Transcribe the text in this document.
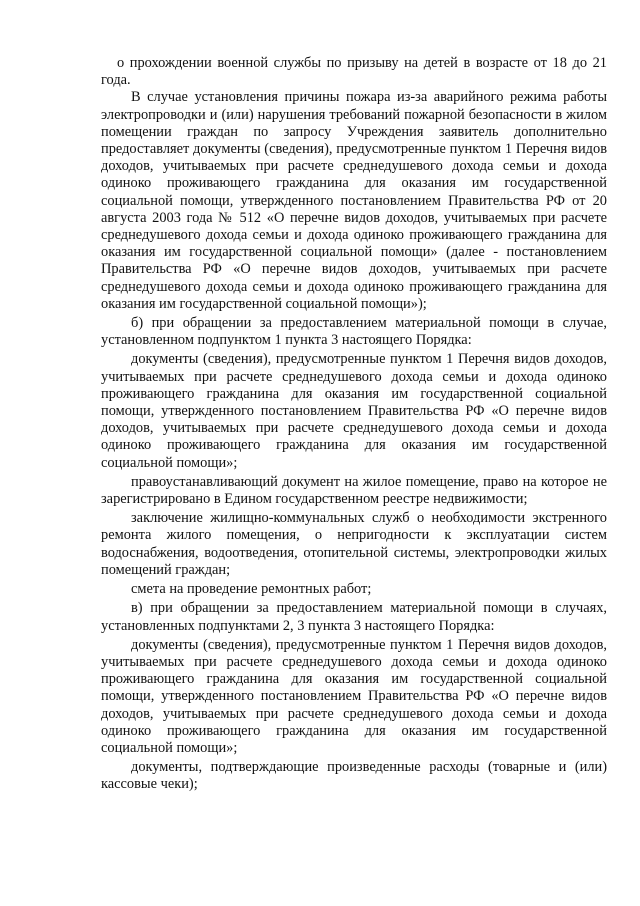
о прохождении военной службы по призыву на детей в возрасте от 18 до 21 года.

В случае установления причины пожара из-за аварийного режима работы электропроводки и (или) нарушения требований пожарной безопасности в жилом помещении граждан по запросу Учреждения заявитель дополнительно предоставляет документы (сведения), предусмотренные пунктом 1 Перечня видов доходов, учитываемых при расчете среднедушевого дохода семьи и дохода одиноко проживающего гражданина для оказания им государственной социальной помощи, утвержденного постановлением Правительства РФ от 20 августа 2003 года № 512 «О перечне видов доходов, учитываемых при расчете среднедушевого дохода семьи и дохода одиноко проживающего гражданина для оказания им государственной социальной помощи» (далее - постановлением Правительства РФ «О перечне видов доходов, учитываемых при расчете среднедушевого дохода семьи и дохода одиноко проживающего гражданина для оказания им государственной социальной помощи»);

б) при обращении за предоставлением материальной помощи в случае, установленном подпунктом 1 пункта 3 настоящего Порядка:

документы (сведения), предусмотренные пунктом 1 Перечня видов доходов, учитываемых при расчете среднедушевого дохода семьи и дохода одиноко проживающего гражданина для оказания им государственной социальной помощи, утвержденного постановлением Правительства РФ «О перечне видов доходов, учитываемых при расчете среднедушевого дохода семьи и дохода одиноко проживающего гражданина для оказания им государственной социальной помощи»;

правоустанавливающий документ на жилое помещение, право на которое не зарегистрировано в Едином государственном реестре недвижимости;

заключение жилищно-коммунальных служб о необходимости экстренного ремонта жилого помещения, о непригодности к эксплуатации систем водоснабжения, водоотведения, отопительной системы, электропроводки жилых помещений граждан;

смета на проведение ремонтных работ;

в) при обращении за предоставлением материальной помощи в случаях, установленных подпунктами 2, 3 пункта 3 настоящего Порядка:

документы (сведения), предусмотренные пунктом 1 Перечня видов доходов, учитываемых при расчете среднедушевого дохода семьи и дохода одиноко проживающего гражданина для оказания им государственной социальной помощи, утвержденного постановлением Правительства РФ «О перечне видов доходов, учитываемых при расчете среднедушевого дохода семьи и дохода одиноко проживающего гражданина для оказания им государственной социальной помощи»;

документы, подтверждающие произведенные расходы (товарные и (или) кассовые чеки);
